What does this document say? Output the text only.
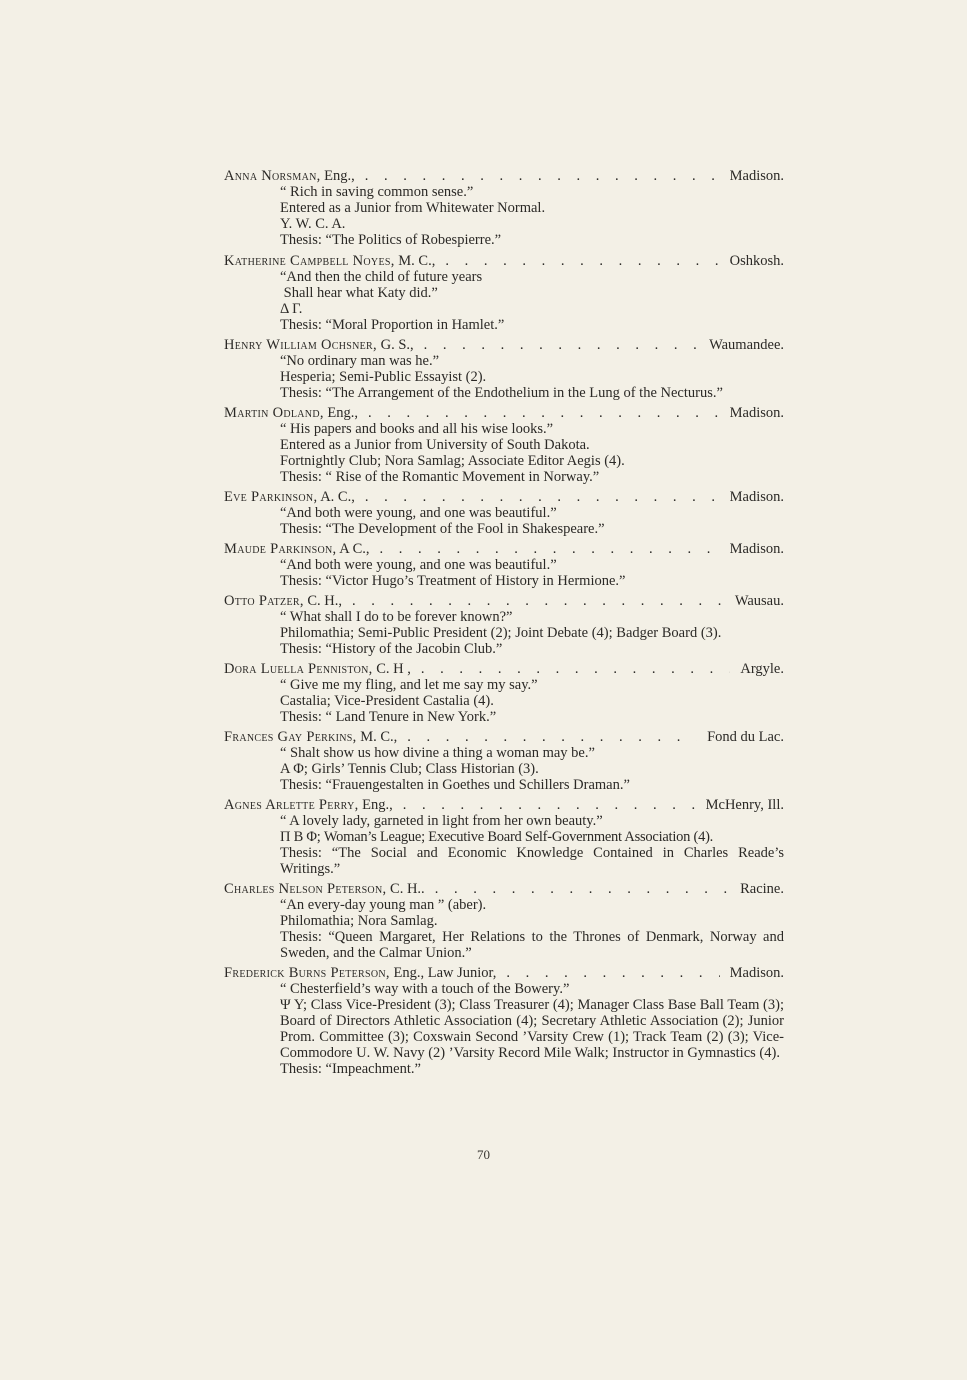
Anna Norsman, Eng., . . .	Madison.
“ Rich in saving common sense.”
Entered as a Junior from Whitewater Normal.
Y. W. C. A.
Thesis: “The Politics of Robespierre.”
Katherine Campbell Noyes, M. C., . . .	Oshkosh.
“And then the child of future years
Shall hear what Katy did.”
Δ Γ.
Thesis: “Moral Proportion in Hamlet.”
Henry William Ochsner, G. S., . . .	Waumandee.
“No ordinary man was he.”
Hesperia; Semi-Public Essayist (2).
Thesis: “The Arrangement of the Endothelium in the Lung of the Necturus.”
Martin Odland, Eng., . . .	Madison.
“ His papers and books and all his wise looks.”
Entered as a Junior from University of South Dakota.
Fortnightly Club; Nora Samlag; Associate Editor Aegis (4).
Thesis: “ Rise of the Romantic Movement in Norway.”
Eve Parkinson, A. C., . . .	Madison.
“And both were young, and one was beautiful.”
Thesis: “The Development of the Fool in Shakespeare.”
Maude Parkinson, A C., . . .	Madison.
“And both were young, and one was beautiful.”
Thesis: “Victor Hugo’s Treatment of History in Hermione.”
Otto Patzer, C. H., . . .	Wausau.
“ What shall I do to be forever known?”
Philomathia; Semi-Public President (2); Joint Debate (4); Badger Board (3).
Thesis: “History of the Jacobin Club.”
Dora Luella Penniston, C. H , . . .	Argyle.
“ Give me my fling, and let me say my say.”
Castalia; Vice-President Castalia (4).
Thesis: “ Land Tenure in New York.”
Frances Gay Perkins, M. C., . . .	Fond du Lac.
“ Shalt show us how divine a thing a woman may be.”
Α Φ; Girls’ Tennis Club; Class Historian (3).
Thesis: “Frauengestalten in Goethes und Schillers Draman.”
Agnes Arlette Perry, Eng., . . .	McHenry, Ill.
“ A lovely lady, garneted in light from her own beauty.”
Π Β Φ; Woman’s League; Executive Board Self-Government Association (4).
Thesis: “The Social and Economic Knowledge Contained in Charles Reade’s Writings.”
Charles Nelson Peterson, C. H.. . . .	Racine.
“An every-day young man ” (aber).
Philomathia; Nora Samlag.
Thesis: “Queen Margaret, Her Relations to the Thrones of Denmark, Norway and Sweden, and the Calmar Union.”
Frederick Burns Peterson, Eng., Law Junior, . . .	Madison.
“ Chesterfield’s way with a touch of the Bowery.”
Ψ Υ; Class Vice-President (3); Class Treasurer (4); Manager Class Base Ball Team (3); Board of Directors Athletic Association (4); Secretary Athletic Association (2); Junior Prom. Committee (3); Coxswain Second ’Varsity Crew (1); Track Team (2) (3); Vice-Commodore U. W. Navy (2) ’Varsity Record Mile Walk; Instructor in Gymnastics (4).
Thesis: “Impeachment.”
70
